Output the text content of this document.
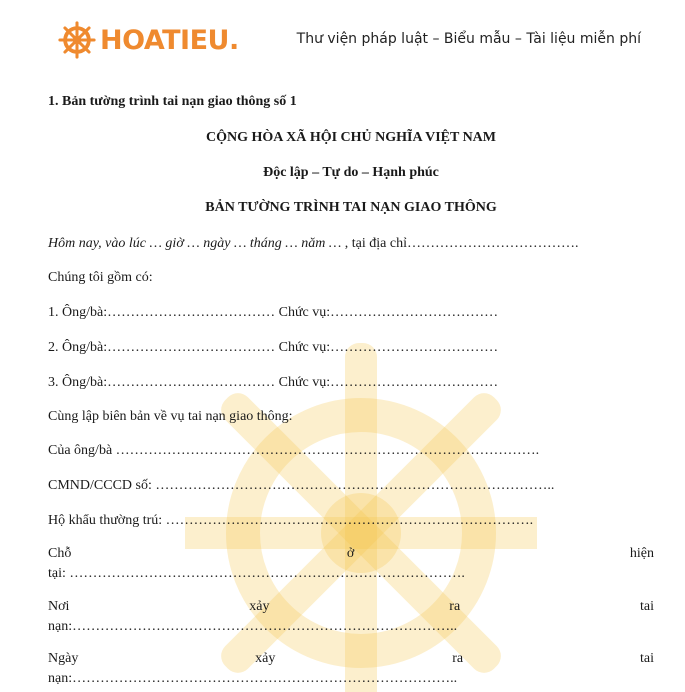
HOATIEU.	Thư viện pháp luật – Biểu mẫu – Tài liệu miễn phí
1. Bản tường trình tai nạn giao thông số 1
CỘNG HÒA XÃ HỘI CHỦ NGHĨA VIỆT NAM
Độc lập – Tự do – Hạnh phúc
BẢN TƯỜNG TRÌNH TAI NẠN GIAO THÔNG
Hôm nay, vào lúc … giờ … ngày … tháng … năm … , tại địa chỉ……………………………….
Chúng tôi gồm có:
1. Ông/bà:……………………………… Chức vụ:………………………………
2. Ông/bà:……………………………… Chức vụ:………………………………
3. Ông/bà:……………………………… Chức vụ:………………………………
Cùng lập biên bản về vụ tai nạn giao thông:
Của ông/bà ……………………………………………………………………………….
CMND/CCCD số: …………………………………………………………………………..
Hộ khẩu thường trú: …………………………………………………………………….
Chỗ	ở	hiện
tại: ………………………………………………………………………….
Nơi	xảy	ra	tai
nạn:………………………………………………………………………..
Ngày	xảy	ra	tai
nạn:………………………………………………………………………..
